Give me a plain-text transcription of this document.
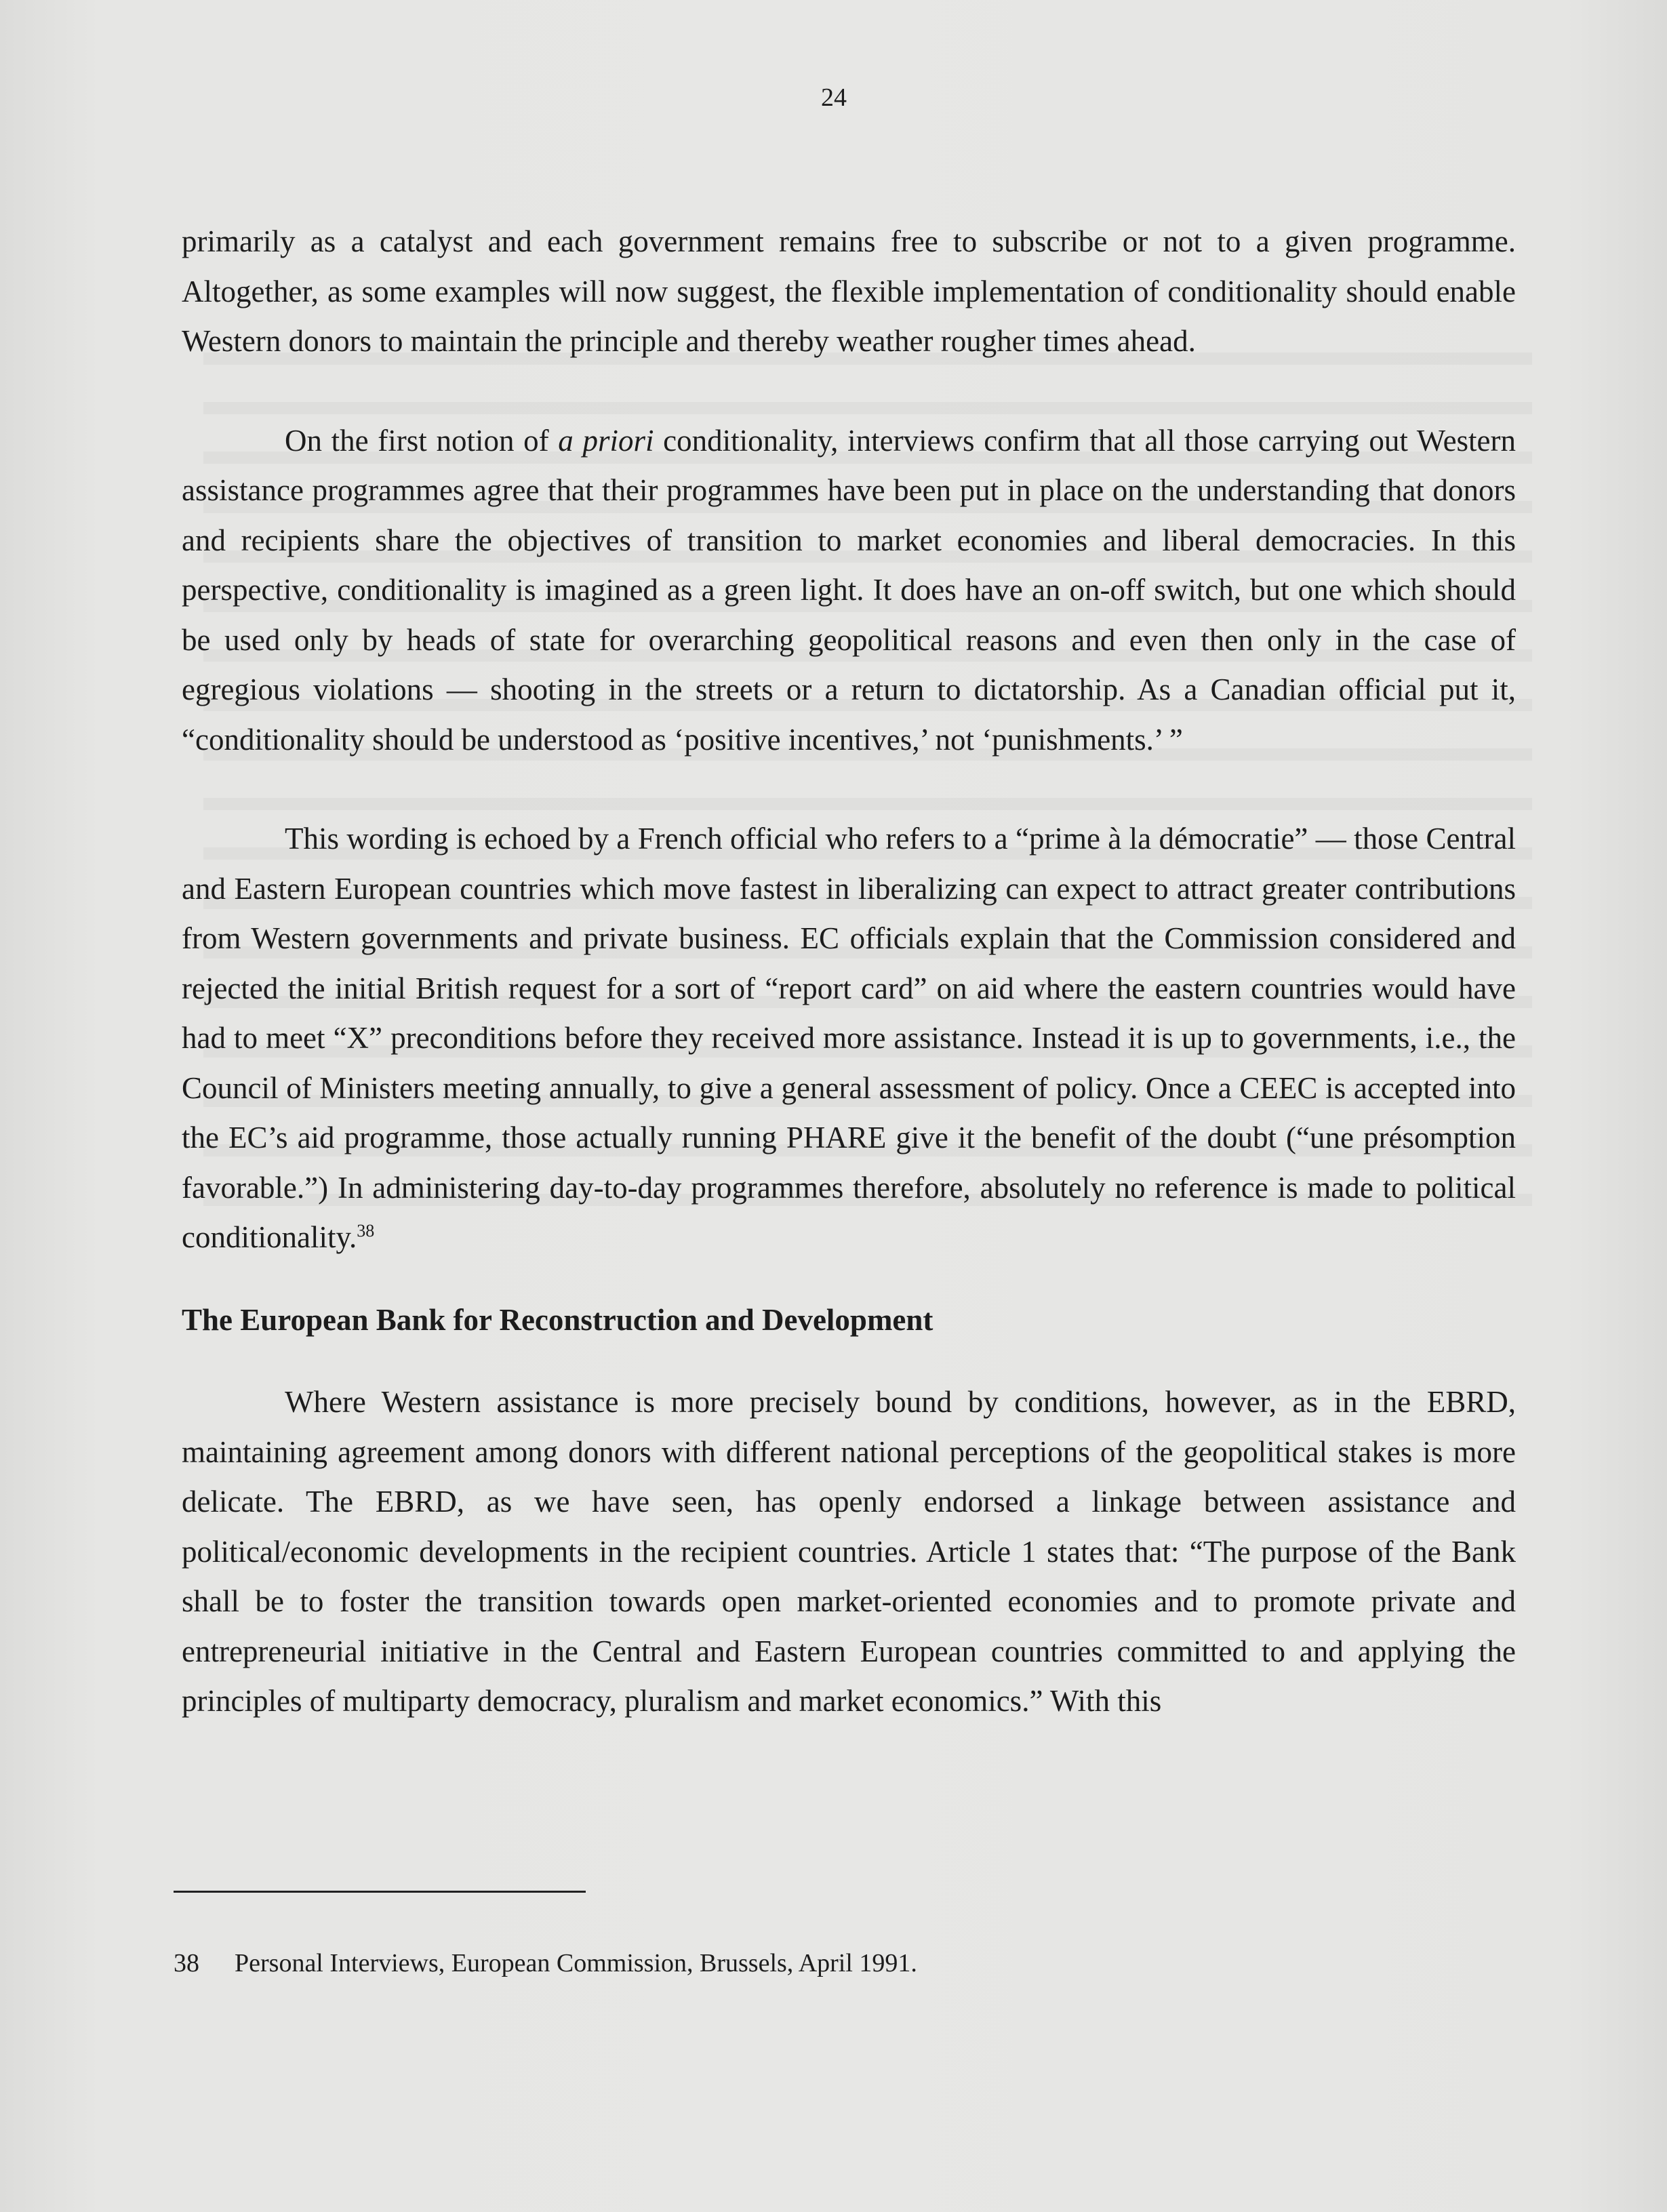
24

primarily as a catalyst and each government remains free to subscribe or not to a given programme. Altogether, as some examples will now suggest, the flexible implementation of conditionality should enable Western donors to maintain the principle and thereby weather rougher times ahead.

On the first notion of a priori conditionality, interviews confirm that all those carrying out Western assistance programmes agree that their programmes have been put in place on the understanding that donors and recipients share the objectives of transition to market economies and liberal democracies. In this perspective, conditionality is imagined as a green light. It does have an on-off switch, but one which should be used only by heads of state for overarching geopolitical reasons and even then only in the case of egregious violations — shooting in the streets or a return to dictatorship. As a Canadian official put it, “conditionality should be understood as ‘positive incentives,’ not ‘punishments.’ ”

This wording is echoed by a French official who refers to a “prime à la démocratie” — those Central and Eastern European countries which move fastest in liberalizing can expect to attract greater contributions from Western governments and private business. EC officials explain that the Commission considered and rejected the initial British request for a sort of “report card” on aid where the eastern countries would have had to meet “X” preconditions before they received more assistance. Instead it is up to governments, i.e., the Council of Ministers meeting annually, to give a general assessment of policy. Once a CEEC is accepted into the EC’s aid programme, those actually running PHARE give it the benefit of the doubt (“une présomption favorable.”) In administering day-to-day programmes therefore, absolutely no reference is made to political conditionality.$^{38}$

The European Bank for Reconstruction and Development

Where Western assistance is more precisely bound by conditions, however, as in the EBRD, maintaining agreement among donors with different national perceptions of the geopolitical stakes is more delicate. The EBRD, as we have seen, has openly endorsed a linkage between assistance and political/economic developments in the recipient countries. Article 1 states that: “The purpose of the Bank shall be to foster the transition towards open market-oriented economies and to promote private and entrepreneurial initiative in the Central and Eastern European countries committed to and applying the principles of multiparty democracy, pluralism and market economics.” With this

38 Personal Interviews, European Commission, Brussels, April 1991.
